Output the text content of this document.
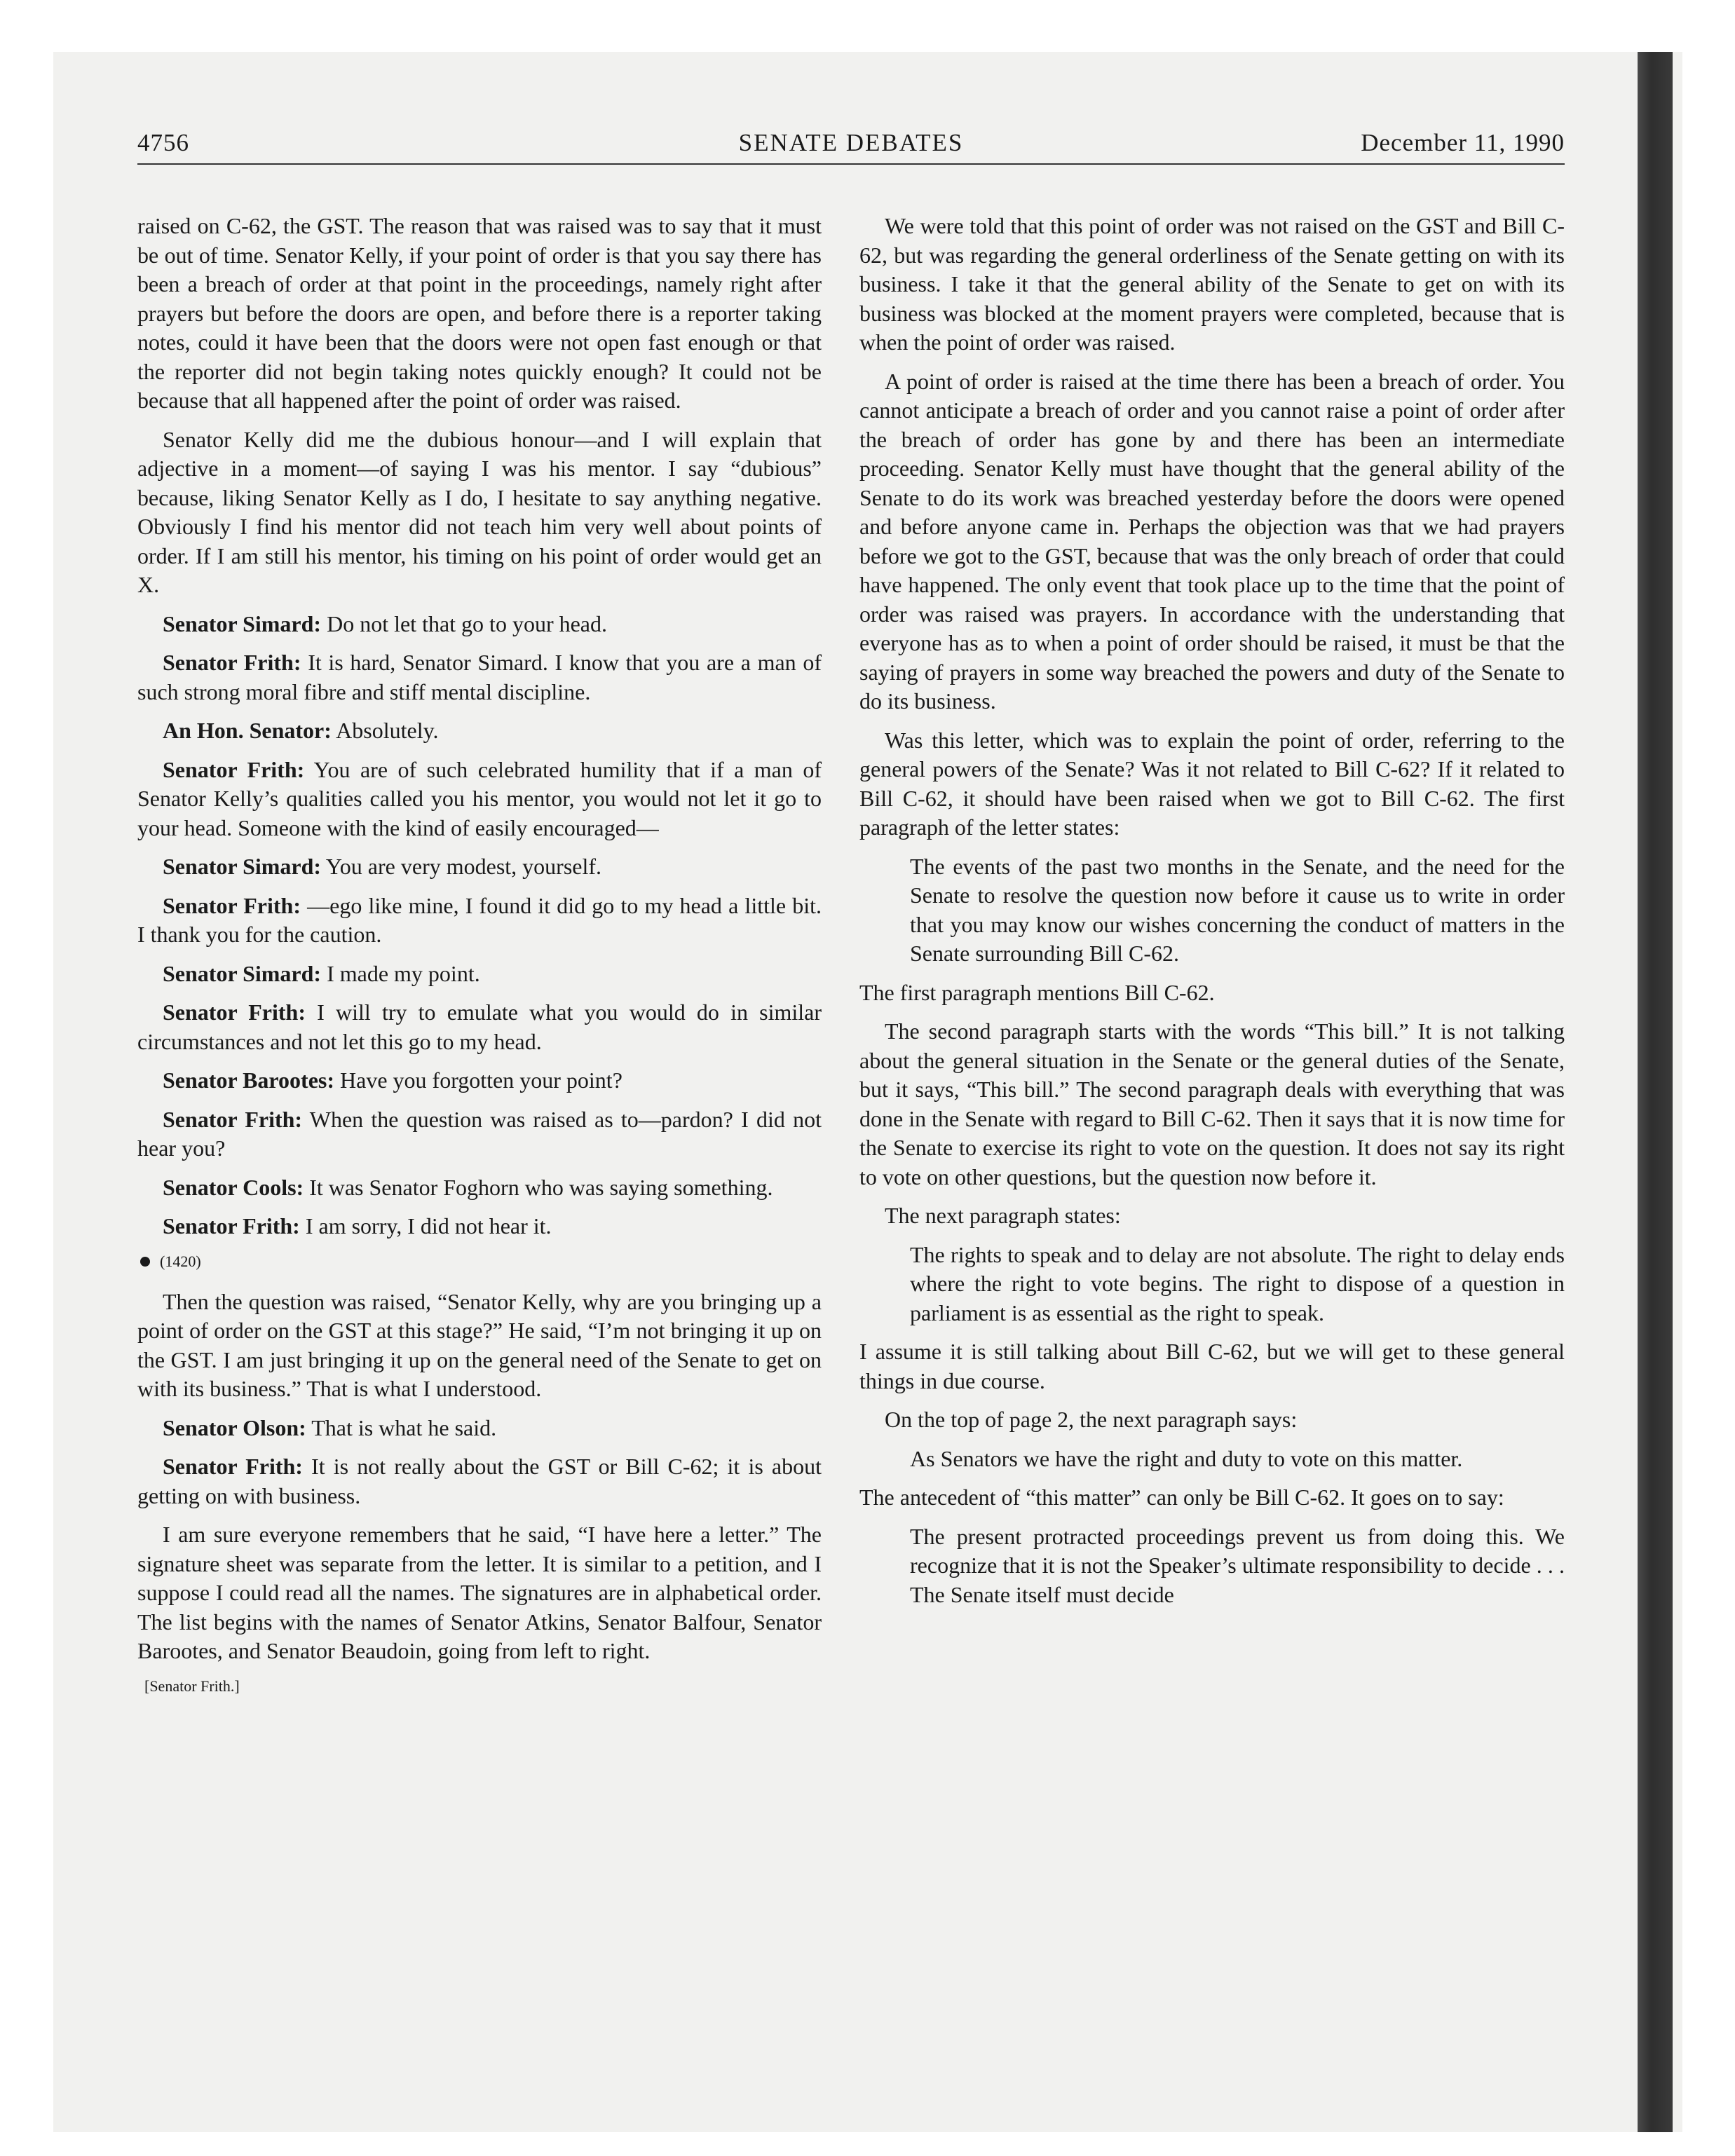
4756	SENATE DEBATES	December 11, 1990

raised on C-62, the GST. The reason that was raised was to say that it must be out of time. Senator Kelly, if your point of order is that you say there has been a breach of order at that point in the proceedings, namely right after prayers but before the doors are open, and before there is a reporter taking notes, could it have been that the doors were not open fast enough or that the reporter did not begin taking notes quickly enough? It could not be because that all happened after the point of order was raised.

Senator Kelly did me the dubious honour—and I will explain that adjective in a moment—of saying I was his mentor. I say “dubious” because, liking Senator Kelly as I do, I hesitate to say anything negative. Obviously I find his mentor did not teach him very well about points of order. If I am still his mentor, his timing on his point of order would get an X.

Senator Simard: Do not let that go to your head.

Senator Frith: It is hard, Senator Simard. I know that you are a man of such strong moral fibre and stiff mental discipline.

An Hon. Senator: Absolutely.

Senator Frith: You are of such celebrated humility that if a man of Senator Kelly’s qualities called you his mentor, you would not let it go to your head. Someone with the kind of easily encouraged—

Senator Simard: You are very modest, yourself.

Senator Frith: —ego like mine, I found it did go to my head a little bit. I thank you for the caution.

Senator Simard: I made my point.

Senator Frith: I will try to emulate what you would do in similar circumstances and not let this go to my head.

Senator Barootes: Have you forgotten your point?

Senator Frith: When the question was raised as to—pardon? I did not hear you?

Senator Cools: It was Senator Foghorn who was saying something.

Senator Frith: I am sorry, I did not hear it.

(1420)

Then the question was raised, “Senator Kelly, why are you bringing up a point of order on the GST at this stage?” He said, “I’m not bringing it up on the GST. I am just bringing it up on the general need of the Senate to get on with its business.” That is what I understood.

Senator Olson: That is what he said.

Senator Frith: It is not really about the GST or Bill C-62; it is about getting on with business.

I am sure everyone remembers that he said, “I have here a letter.” The signature sheet was separate from the letter. It is similar to a petition, and I suppose I could read all the names. The signatures are in alphabetical order. The list begins with the names of Senator Atkins, Senator Balfour, Senator Barootes, and Senator Beaudoin, going from left to right.

[Senator Frith.]

We were told that this point of order was not raised on the GST and Bill C-62, but was regarding the general orderliness of the Senate getting on with its business. I take it that the general ability of the Senate to get on with its business was blocked at the moment prayers were completed, because that is when the point of order was raised.

A point of order is raised at the time there has been a breach of order. You cannot anticipate a breach of order and you cannot raise a point of order after the breach of order has gone by and there has been an intermediate proceeding. Senator Kelly must have thought that the general ability of the Senate to do its work was breached yesterday before the doors were opened and before anyone came in. Perhaps the objection was that we had prayers before we got to the GST, because that was the only breach of order that could have happened. The only event that took place up to the time that the point of order was raised was prayers. In accordance with the understanding that everyone has as to when a point of order should be raised, it must be that the saying of prayers in some way breached the powers and duty of the Senate to do its business.

Was this letter, which was to explain the point of order, referring to the general powers of the Senate? Was it not related to Bill C-62? If it related to Bill C-62, it should have been raised when we got to Bill C-62. The first paragraph of the letter states:

The events of the past two months in the Senate, and the need for the Senate to resolve the question now before it cause us to write in order that you may know our wishes concerning the conduct of matters in the Senate surrounding Bill C-62.

The first paragraph mentions Bill C-62.

The second paragraph starts with the words “This bill.” It is not talking about the general situation in the Senate or the general duties of the Senate, but it says, “This bill.” The second paragraph deals with everything that was done in the Senate with regard to Bill C-62. Then it says that it is now time for the Senate to exercise its right to vote on the question. It does not say its right to vote on other questions, but the question now before it.

The next paragraph states:

The rights to speak and to delay are not absolute. The right to delay ends where the right to vote begins. The right to dispose of a question in parliament is as essential as the right to speak.

I assume it is still talking about Bill C-62, but we will get to these general things in due course.

On the top of page 2, the next paragraph says:

As Senators we have the right and duty to vote on this matter.

The antecedent of “this matter” can only be Bill C-62. It goes on to say:

The present protracted proceedings prevent us from doing this. We recognize that it is not the Speaker’s ultimate responsibility to decide . . . The Senate itself must decide
